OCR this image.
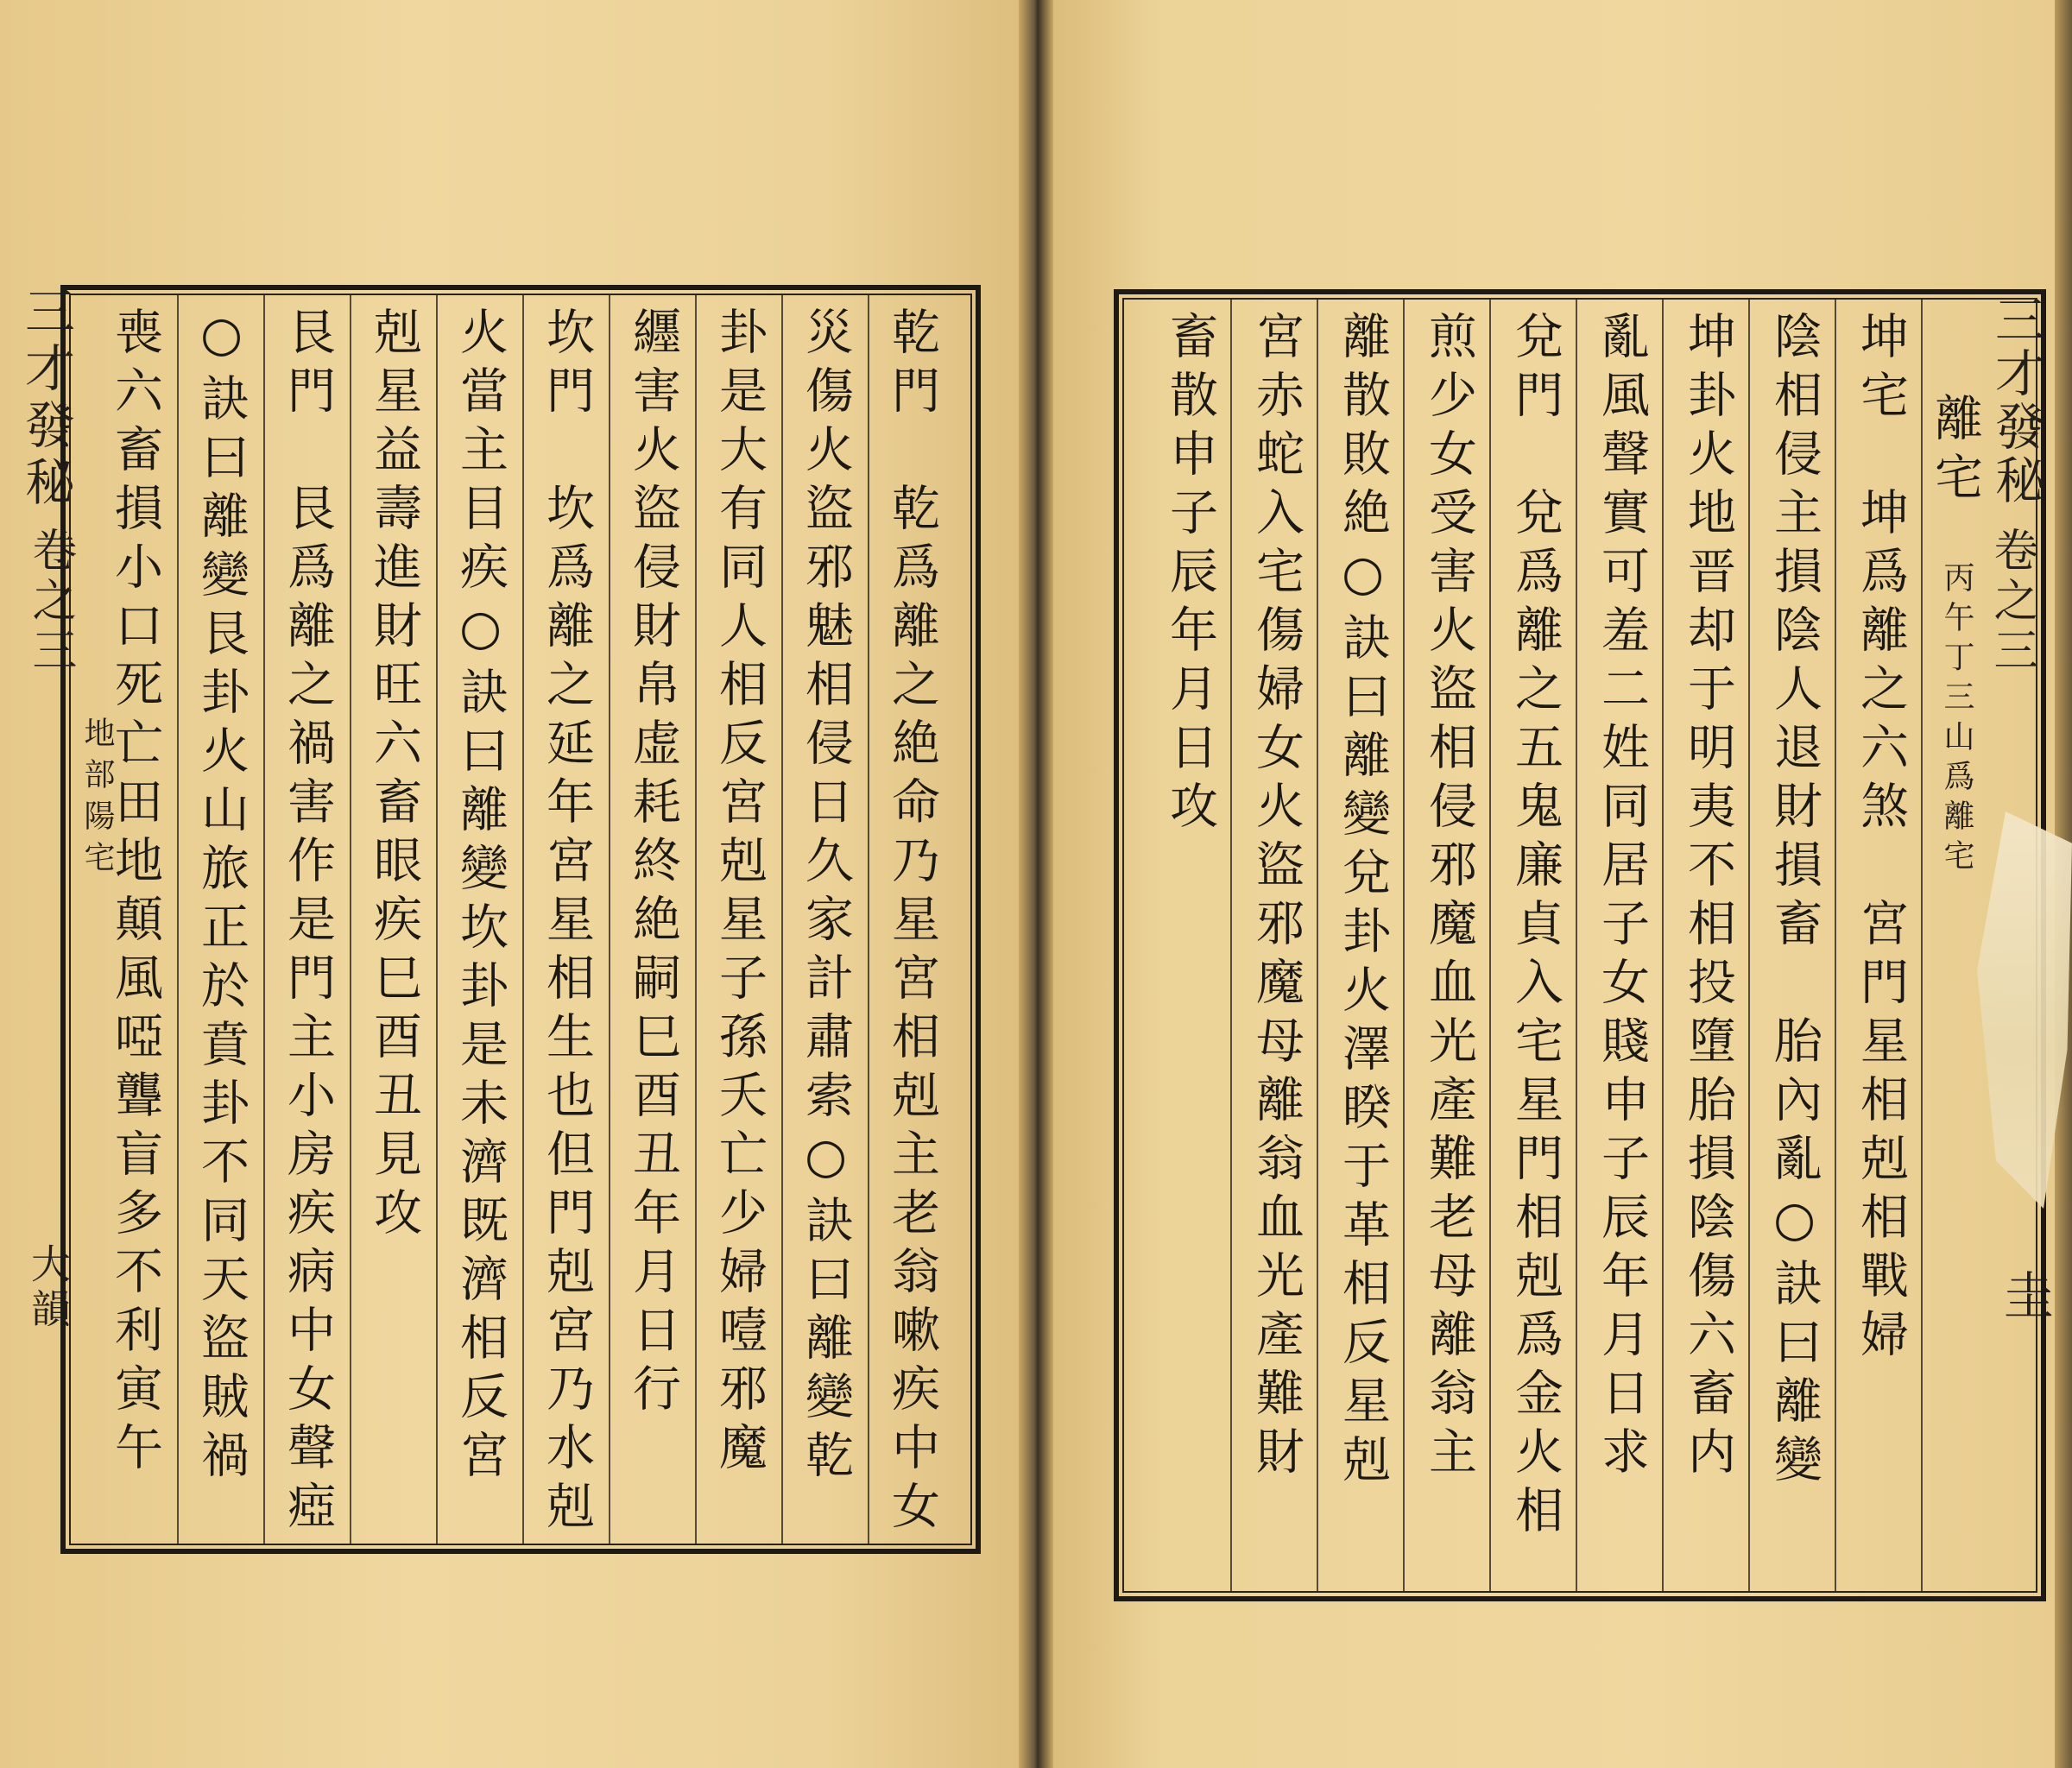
三才發秘
卷之三
地部陽宅
大韻
三才發秘
卷之三
圭
乾門　乾爲離之絶命乃星宮相剋主老翁嗽疾中女
災傷火盜邪魅相侵日久家計肅索○訣曰離變乾
卦是大有同人相反宮剋星子孫夭亡少婦噎邪魔
纒害火盜侵財帛虚耗終絶嗣巳酉丑年月日行
坎門　坎爲離之延年宮星相生也但門剋宮乃水剋
火當主目疾○訣曰離變坎卦是未濟既濟相反宮
剋星益壽進財旺六畜眼疾巳酉丑見攻
艮門　艮爲離之禍害作是門主小房疾病中女聲瘂
○訣曰離變艮卦火山旅正於賁卦不同天盜賊禍
喪六畜損小口死亡田地顛風啞聾盲多不利寅午	離宅
丙午丁三山爲離宅
坤宅　坤爲離之六煞　宮門星相剋相戰婦
陰相侵主損陰人退財損畜　胎內亂○訣曰離變
坤卦火地晋却于明夷不相投墮胎損陰傷六畜内
亂風聲實可羞二姓同居子女賤申子辰年月日求
兌門　兌爲離之五鬼廉貞入宅星門相剋爲金火相
煎少女受害火盜相侵邪魔血光產難老母離翁主
離散敗絶○訣曰離變兌卦火澤睽于革相反星剋
宮赤蛇入宅傷婦女火盜邪魔母離翁血光產難財
畜散申子辰年月日攻
